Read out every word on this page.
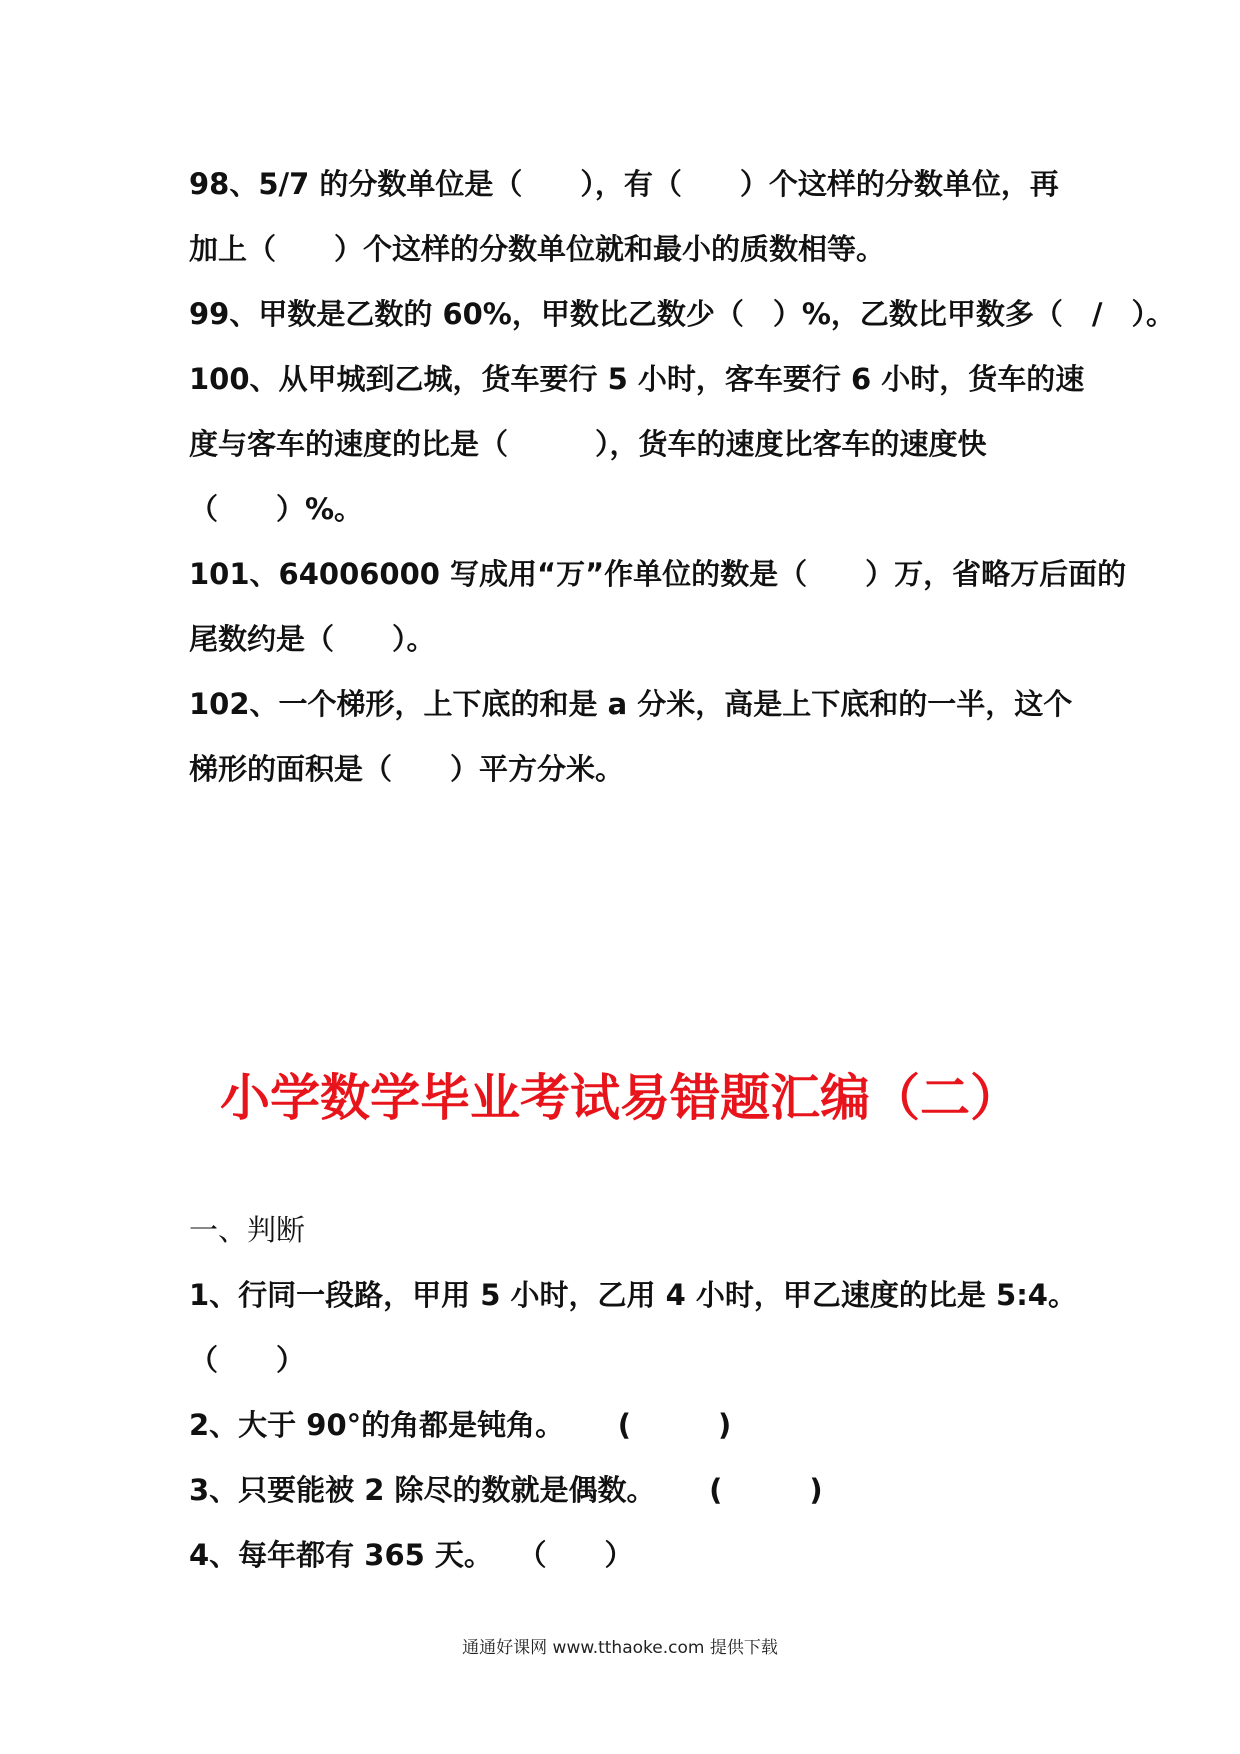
98、5/7 的分数单位是（　　），有（　　）个这样的分数单位，再
加上（　　）个这样的分数单位就和最小的质数相等。
99、甲数是乙数的 60%，甲数比乙数少（　）%，乙数比甲数多（　/　）。
100、从甲城到乙城，货车要行 5 小时，客车要行 6 小时，货车的速
度与客车的速度的比是（　　　），货车的速度比客车的速度快
（　　）%。
101、64006000 写成用“万”作单位的数是（　　）万，省略万后面的
尾数约是（　　）。
102、一个梯形，上下底的和是 a 分米，高是上下底和的一半，这个
梯形的面积是（　　）平方分米。
小学数学毕业考试易错题汇编（二）
一、判断
1、行同一段路，甲用 5 小时，乙用 4 小时，甲乙速度的比是 5:4。
（　　）
2、大于 90°的角都是钝角。　　 (　　　)
3、只要能被 2 除尽的数就是偶数。　　 (　　　)
4、每年都有 365 天。　 （　　）
通通好课网 www.tthaoke.com 提供下载
